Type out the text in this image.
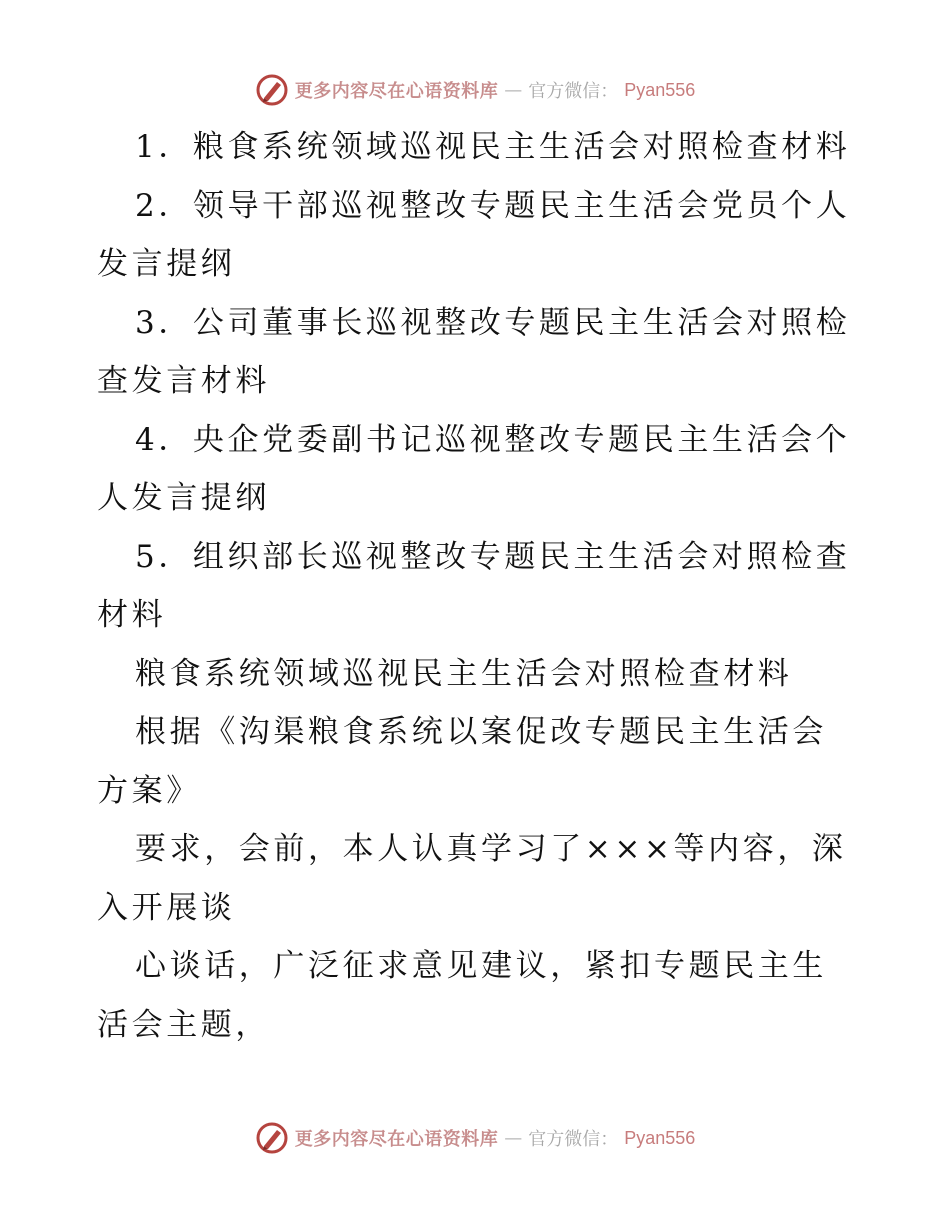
更多内容尽在心语资料库 — 官方微信： Pyan556

1．粮食系统领域巡视民主生活会对照检查材料

2．领导干部巡视整改专题民主生活会党员个人发言提纲

3．公司董事长巡视整改专题民主生活会对照检查发言材料

4．央企党委副书记巡视整改专题民主生活会个人发言提纲

5．组织部长巡视整改专题民主生活会对照检查材料

粮食系统领域巡视民主生活会对照检查材料

根据《沟渠粮食系统以案促改专题民主生活会方案》

要求，会前，本人认真学习了×××等内容，深入开展谈

心谈话，广泛征求意见建议，紧扣专题民主生活会主题，

更多内容尽在心语资料库 — 官方微信： Pyan556
